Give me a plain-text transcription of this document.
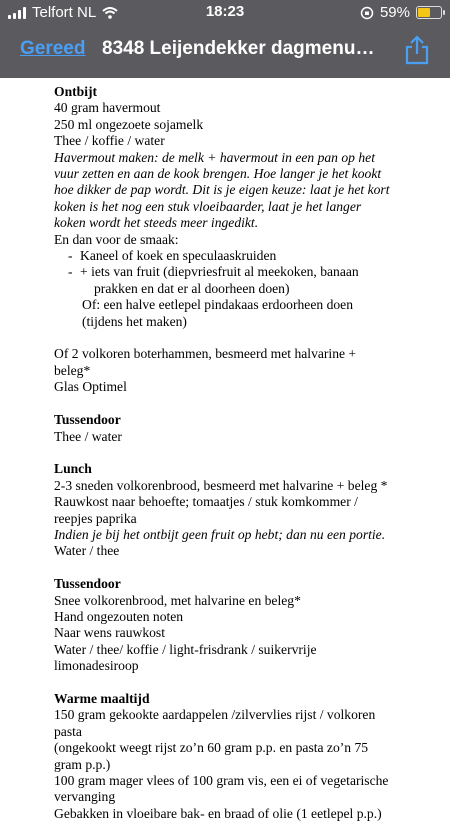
Telfort NL	18:23	59%
Gereed 8348 Leijendekker dagmenu…

Ontbijt

40 gram havermout

250 ml ongezoete sojamelk

Thee / koffie / water

Havermout maken: de melk + havermout in een pan op het

vuur zetten en aan de kook brengen. Hoe langer je het kookt

hoe dikker de pap wordt. Dit is je eigen keuze: laat je het kort

koken is het nog een stuk vloeibaarder, laat je het langer

koken wordt het steeds meer ingedikt.

En dan voor de smaak:

- Kaneel of koek en speculaaskruiden

- + iets van fruit (diepvriesfruit al meekoken, banaan

prakken en dat er al doorheen doen)

Of: een halve eetlepel pindakaas erdoorheen doen

(tijdens het maken)

Of 2 volkoren boterhammen, besmeerd met halvarine +

beleg*

Glas Optimel

Tussendoor

Thee / water

Lunch

2-3 sneden volkorenbrood, besmeerd met halvarine + beleg *

Rauwkost naar behoefte; tomaatjes / stuk komkommer /

reepjes paprika

Indien je bij het ontbijt geen fruit op hebt; dan nu een portie.

Water / thee

Tussendoor

Snee volkorenbrood, met halvarine en beleg*

Hand ongezouten noten

Naar wens rauwkost

Water / thee/ koffie / light-frisdrank / suikervrije

limonadesiroop

Warme maaltijd

150 gram gekookte aardappelen /zilvervlies rijst / volkoren

pasta

(ongekookt weegt rijst zo’n 60 gram p.p. en pasta zo’n 75

gram p.p.)

100 gram mager vlees of 100 gram vis, een ei of vegetarische

vervanging

Gebakken in vloeibare bak- en braad of olie (1 eetlepel p.p.)
